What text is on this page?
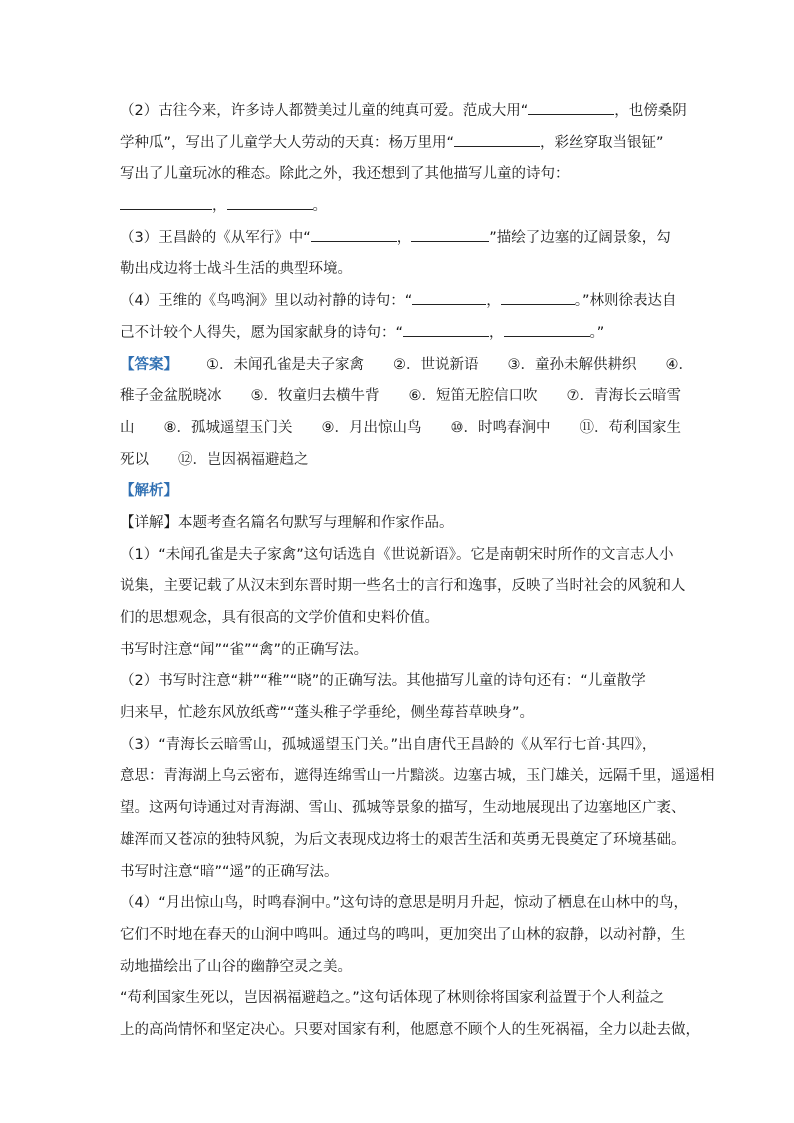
（2）古往今来，许多诗人都赞美过儿童的纯真可爱。范成大用“	，也傍桑阴
学种瓜”，写出了儿童学大人劳动的天真：杨万里用“	，彩丝穿取当银钲”
写出了儿童玩冰的稚态。除此之外，我还想到了其他描写儿童的诗句：
，	。
（3）王昌龄的《从军行》中“	，	”描绘了边塞的辽阔景象，勾
勒出戍边将士战斗生活的典型环境。
（4）王维的《鸟鸣涧》里以动衬静的诗句：“	，	。”林则徐表达自
己不计较个人得失，愿为国家献身的诗句：“	，	。”
【答案】 ①．未闻孔雀是夫子家禽　　②．世说新语　　③．童孙未解供耕织　　④．
稚子金盆脱晓冰　　⑤．牧童归去横牛背　　⑥．短笛无腔信口吹　　⑦．青海长云暗雪
山　　⑧．孤城遥望玉门关　　⑨．月出惊山鸟　　⑩．时鸣春涧中　　⑪．苟利国家生
死以　　⑫．岂因祸福避趋之
【解析】
【详解】本题考查名篇名句默写与理解和作家作品。
（1）“未闻孔雀是夫子家禽”这句话选自《世说新语》。它是南朝宋时所作的文言志人小
说集，主要记载了从汉末到东晋时期一些名士的言行和逸事，反映了当时社会的风貌和人
们的思想观念，具有很高的文学价值和史料价值。
书写时注意“闻”“雀”“禽”的正确写法。
（2）书写时注意“耕”“稚”“晓”的正确写法。其他描写儿童的诗句还有：“儿童散学
归来早，忙趁东风放纸鸢”“蓬头稚子学垂纶，侧坐莓苔草映身”。
（3）“青海长云暗雪山，孤城遥望玉门关。”出自唐代王昌龄的《从军行七首·其四》，
意思：青海湖上乌云密布，遮得连绵雪山一片黯淡。边塞古城，玉门雄关，远隔千里，遥遥相
望。这两句诗通过对青海湖、雪山、孤城等景象的描写，生动地展现出了边塞地区广袤、
雄浑而又苍凉的独特风貌，为后文表现戍边将士的艰苦生活和英勇无畏奠定了环境基础。
书写时注意“暗”“遥”的正确写法。
（4）“月出惊山鸟，时鸣春涧中。”这句诗的意思是明月升起，惊动了栖息在山林中的鸟，
它们不时地在春天的山涧中鸣叫。通过鸟的鸣叫，更加突出了山林的寂静，以动衬静，生
动地描绘出了山谷的幽静空灵之美。
“苟利国家生死以，岂因祸福避趋之。”这句话体现了林则徐将国家利益置于个人利益之
上的高尚情怀和坚定决心。只要对国家有利，他愿意不顾个人的生死祸福，全力以赴去做，
